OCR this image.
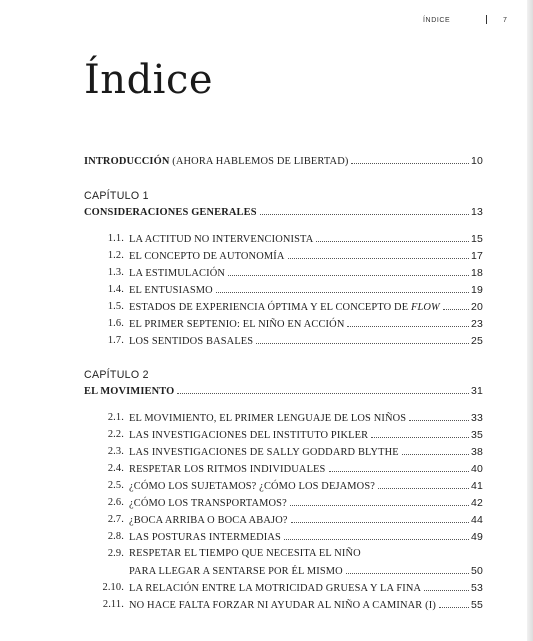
ÍNDICE	7
Índice
INTRODUCCIÓN (AHORA HABLEMOS DE LIBERTAD)	10
CAPÍTULO 1
CONSIDERACIONES GENERALES	13
1.1. LA ACTITUD NO INTERVENCIONISTA	15
1.2. EL CONCEPTO DE AUTONOMÍA	17
1.3. LA ESTIMULACIÓN	18
1.4. EL ENTUSIASMO	19
1.5. ESTADOS DE EXPERIENCIA ÓPTIMA Y EL CONCEPTO DE FLOW	20
1.6. EL PRIMER SEPTENIO: EL NIÑO EN ACCIÓN	23
1.7. LOS SENTIDOS BASALES	25
CAPÍTULO 2
EL MOVIMIENTO	31
2.1. EL MOVIMIENTO, EL PRIMER LENGUAJE DE LOS NIÑOS	33
2.2. LAS INVESTIGACIONES DEL INSTITUTO PIKLER	35
2.3. LAS INVESTIGACIONES DE SALLY GODDARD BLYTHE	38
2.4. RESPETAR LOS RITMOS INDIVIDUALES	40
2.5. ¿CÓMO LOS SUJETAMOS? ¿CÓMO LOS DEJAMOS?	41
2.6. ¿CÓMO LOS TRANSPORTAMOS?	42
2.7. ¿BOCA ARRIBA O BOCA ABAJO?	44
2.8. LAS POSTURAS INTERMEDIAS	49
2.9. RESPETAR EL TIEMPO QUE NECESITA EL NIÑO
PARA LLEGAR A SENTARSE POR ÉL MISMO	50
2.10. LA RELACIÓN ENTRE LA MOTRICIDAD GRUESA Y LA FINA	53
2.11. NO HACE FALTA FORZAR NI AYUDAR AL NIÑO A CAMINAR (I)	55
